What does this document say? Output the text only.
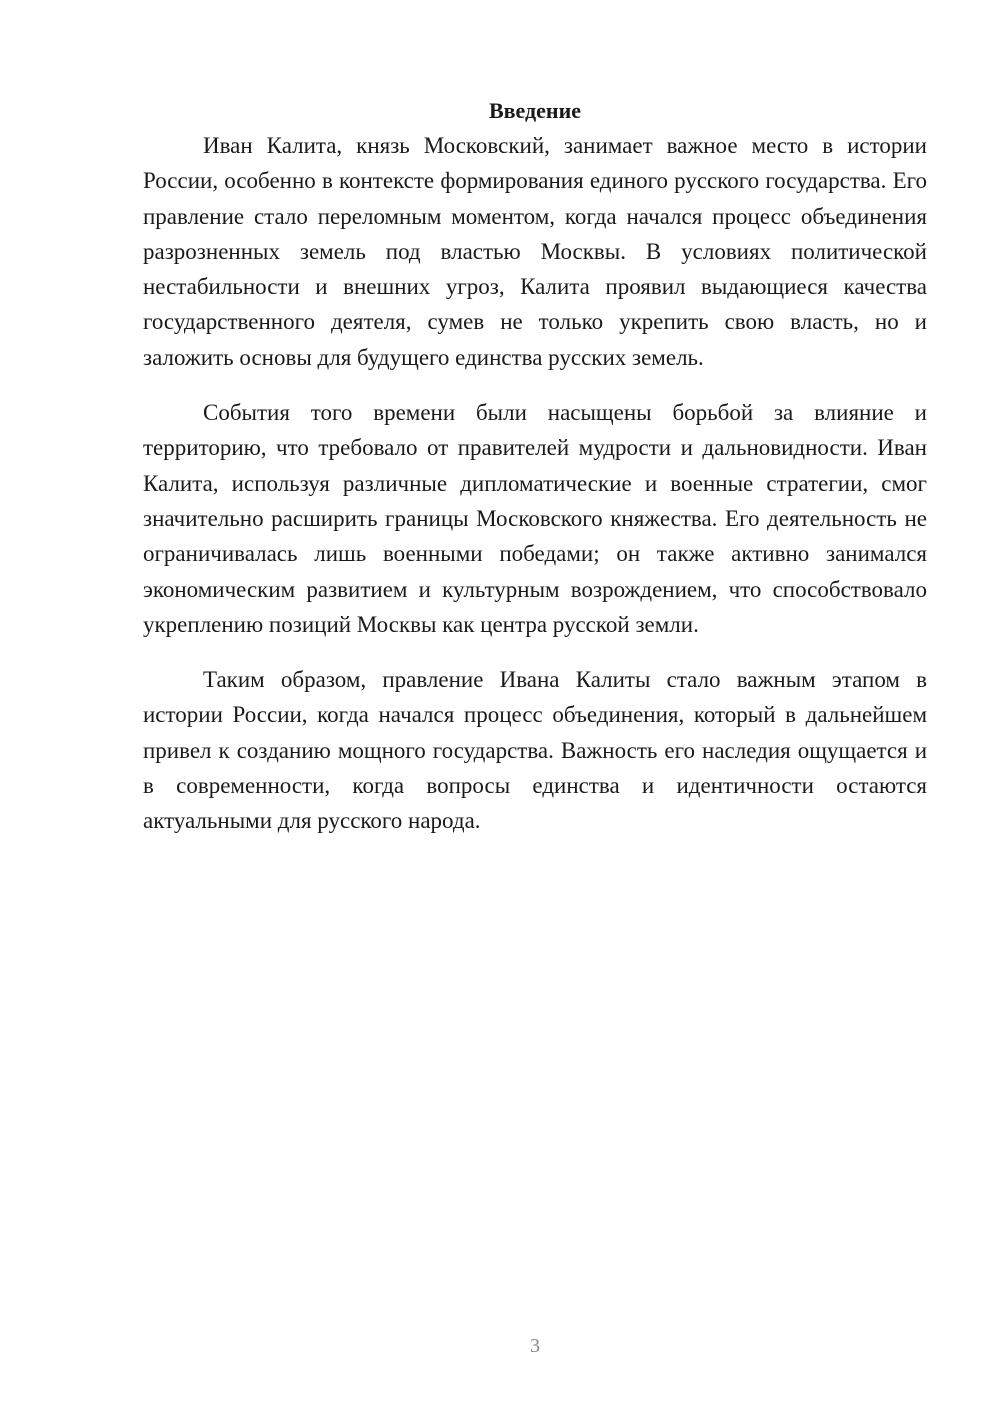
Введение

Иван Калита, князь Московский, занимает важное место в истории России, особенно в контексте формирования единого русского государства. Его правление стало переломным моментом, когда начался процесс объединения разрозненных земель под властью Москвы. В условиях политической нестабильности и внешних угроз, Калита проявил выдающиеся качества государственного деятеля, сумев не только укрепить свою власть, но и заложить основы для будущего единства русских земель.

События того времени были насыщены борьбой за влияние и территорию, что требовало от правителей мудрости и дальновидности. Иван Калита, используя различные дипломатические и военные стратегии, смог значительно расширить границы Московского княжества. Его деятельность не ограничивалась лишь военными победами; он также активно занимался экономическим развитием и культурным возрождением, что способствовало укреплению позиций Москвы как центра русской земли.

Таким образом, правление Ивана Калиты стало важным этапом в истории России, когда начался процесс объединения, который в дальнейшем привел к созданию мощного государства. Важность его наследия ощущается и в современности, когда вопросы единства и идентичности остаются актуальными для русского народа.

3
